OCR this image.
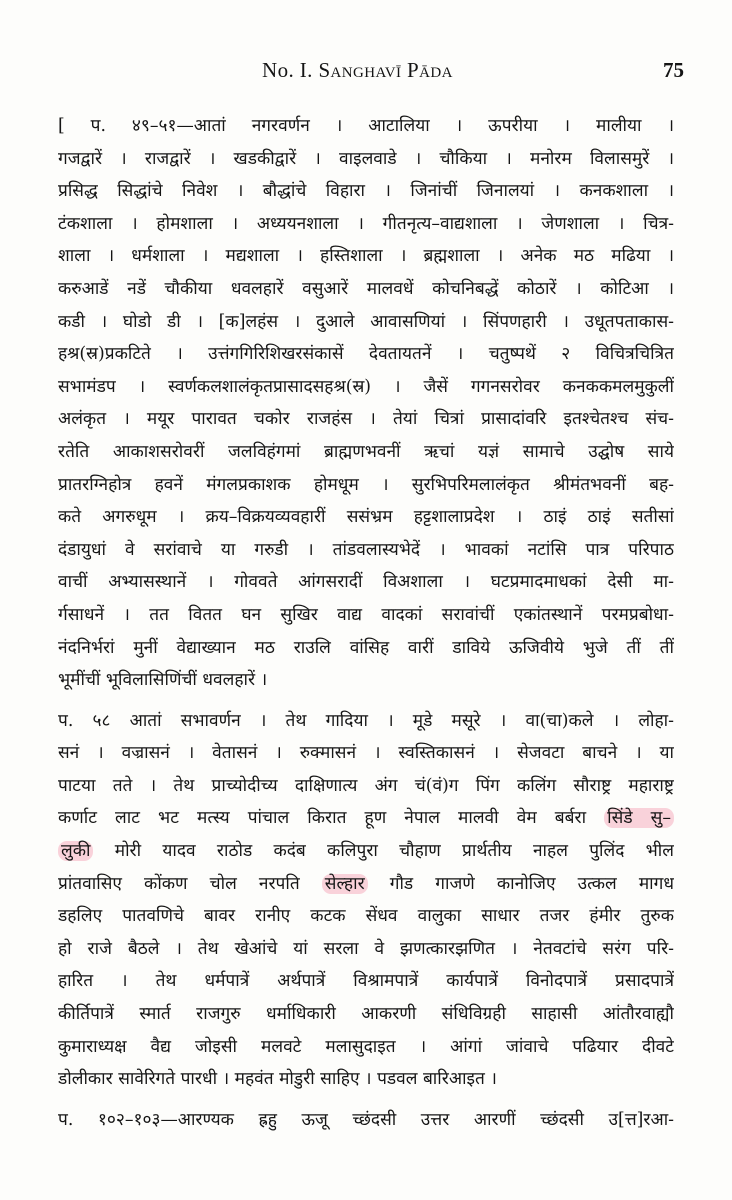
No. I. SANGHAVĪ PĀDA	75
[ प. ४९–५१—आतां नगरवर्णन । आटालिया । ऊपरीया । मालीया ।
गजद्वारें । राजद्वारें । खडकीद्वारें । वाइलवाडे । चौकिया । मनोरम विलासमुरें ।
प्रसिद्ध सिद्धांचे निवेश । बौद्धांचे विहारा । जिनांचीं जिनालयां । कनकशाला ।
टंकशाला । होमशाला । अध्ययनशाला । गीतनृत्य–वाद्यशाला । जेणशाला । चित्र-
शाला । धर्मशाला । मद्यशाला । हस्तिशाला । ब्रह्मशाला । अनेक मठ मढिया ।
करुआडें नडें चौकीया धवलहारें वसुआरें मालवधें कोचनिबद्धें कोठारें । कोटिआ ।
कडी । घोडो डी । [क]लहंस । दुआले आवासणियां । सिंपणहारी । उधूतपताकास-
हश्र(स्र)प्रकटिते । उत्तंगगिरिशिखरसंकासें देवतायतनें । चतुष्पथें २ विचित्रचित्रित
सभामंडप । स्वर्णकलशालंकृतप्रासादसहश्र(स्र) । जैसें गगनसरोवर कनककमलमुकुलीं
अलंकृत । मयूर पारावत चकोर राजहंस । तेयां चित्रां प्रासादांवरि इतश्चेतश्च संच-
रतेति आकाशसरोवरीं जलविहंगमां ब्राह्मणभवनीं ऋचां यज्ञं सामाचे उद्घोष साये
प्रातरग्निहोत्र हवनें मंगलप्रकाशक होमधूम । सुरभिपरिमलालंकृत श्रीमंतभवनीं बह-
कते अगरुधूम । क्रय–विक्रयव्यवहारीं ससंभ्रम हट्टशालाप्रदेश । ठाइं ठाइं सतीसां
दंडायुधां वे सरांवाचे या गरुडी । तांडवलास्यभेदें । भावकां नटांसि पात्र परिपाठ
वाचीं अभ्यासस्थानें । गोववते आंगसरादीं विअशाला । घटप्रमादमाधकां देसी मा-
र्गसाधनें । तत वितत घन सुखिर वाद्य वादकां सरावांचीं एकांतस्थानें परमप्रबोधा-
नंदनिर्भरां मुनीं वेद्याख्यान मठ राउलि वांसिह वारीं डाविये ऊजिवीये भुजे तीं तीं
भूमींचीं भूविलासिणिंचीं धवलहारें ।
प. ५८ आतां सभावर्णन । तेथ गादिया । मूडे मसूरे । वा(चा)कले । लोहा-
सनं । वज्रासनं । वेतासनं । रुक्मासनं । स्वस्तिकासनं । सेजवटा बाचने । या
पाटया तते । तेथ प्राच्योदीच्य दाक्षिणात्य अंग चं(वं)ग पिंग कलिंग सौराष्ट्र महाराष्ट्र
कर्णाट लाट भट मत्स्य पांचाल किरात हूण नेपाल मालवी वेम बर्बरा सिंडे सु–
लुकी मोरी यादव राठोड कदंब कलिपुरा चौहाण प्रार्थतीय नाहल पुलिंद भील
प्रांतवासिए कोंकण चोल नरपति सेल्हार गौड गाजणे कानोजिए उत्कल मागध
डहलिए पातवणिचे बावर रानीए कटक सेंधव वालुका साधार तजर हंमीर तुरुक
हो राजे बैठले । तेथ खेआंचे यां सरला वे झणत्कारझणित । नेतवटांचे सरंग परि-
हारित । तेथ धर्मपात्रें अर्थपात्रें विश्रामपात्रें कार्यपात्रें विनोदपात्रें प्रसादपात्रें
कीर्तिपात्रें स्मार्त राजगुरु धर्माधिकारी आकरणी संधिविग्रही साहासी आंतौरवाह्यौ
कुमाराध्यक्ष वैद्य जोइसी मलवटे मलासुदाइत । आंगां जांवाचे पढियार दीवटे
डोलीकार सावेरिगते पारधी । महवंत मोडुरी साहिए । पडवल बारिआइत ।
प. १०२–१०३—आरण्यक ह्रहु ऊजू च्छंदसी उत्तर आरणीं च्छंदसी उ[त्त]रआ-
